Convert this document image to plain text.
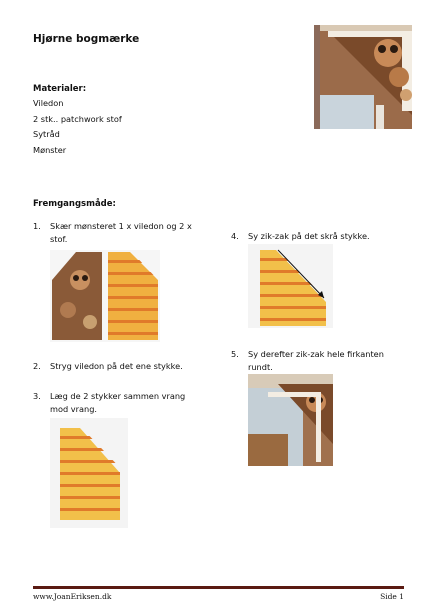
Hjørne bogmærke
Materialer:
Viledon
2 stk.. patchwork stof
Sytråd
Mønster
Fremgangsmåde:
1.	Skær mønsteret 1 x viledon og 2 x
stof.
2.	Stryg viledon på det ene stykke.
3.	Læg de 2 stykker sammen vrang
mod vrang.
4.	Sy zik-zak på det skrå stykke.
5.	Sy derefter zik-zak hele firkanten
rundt.
www.JoanEriksen.dk	Side 1
